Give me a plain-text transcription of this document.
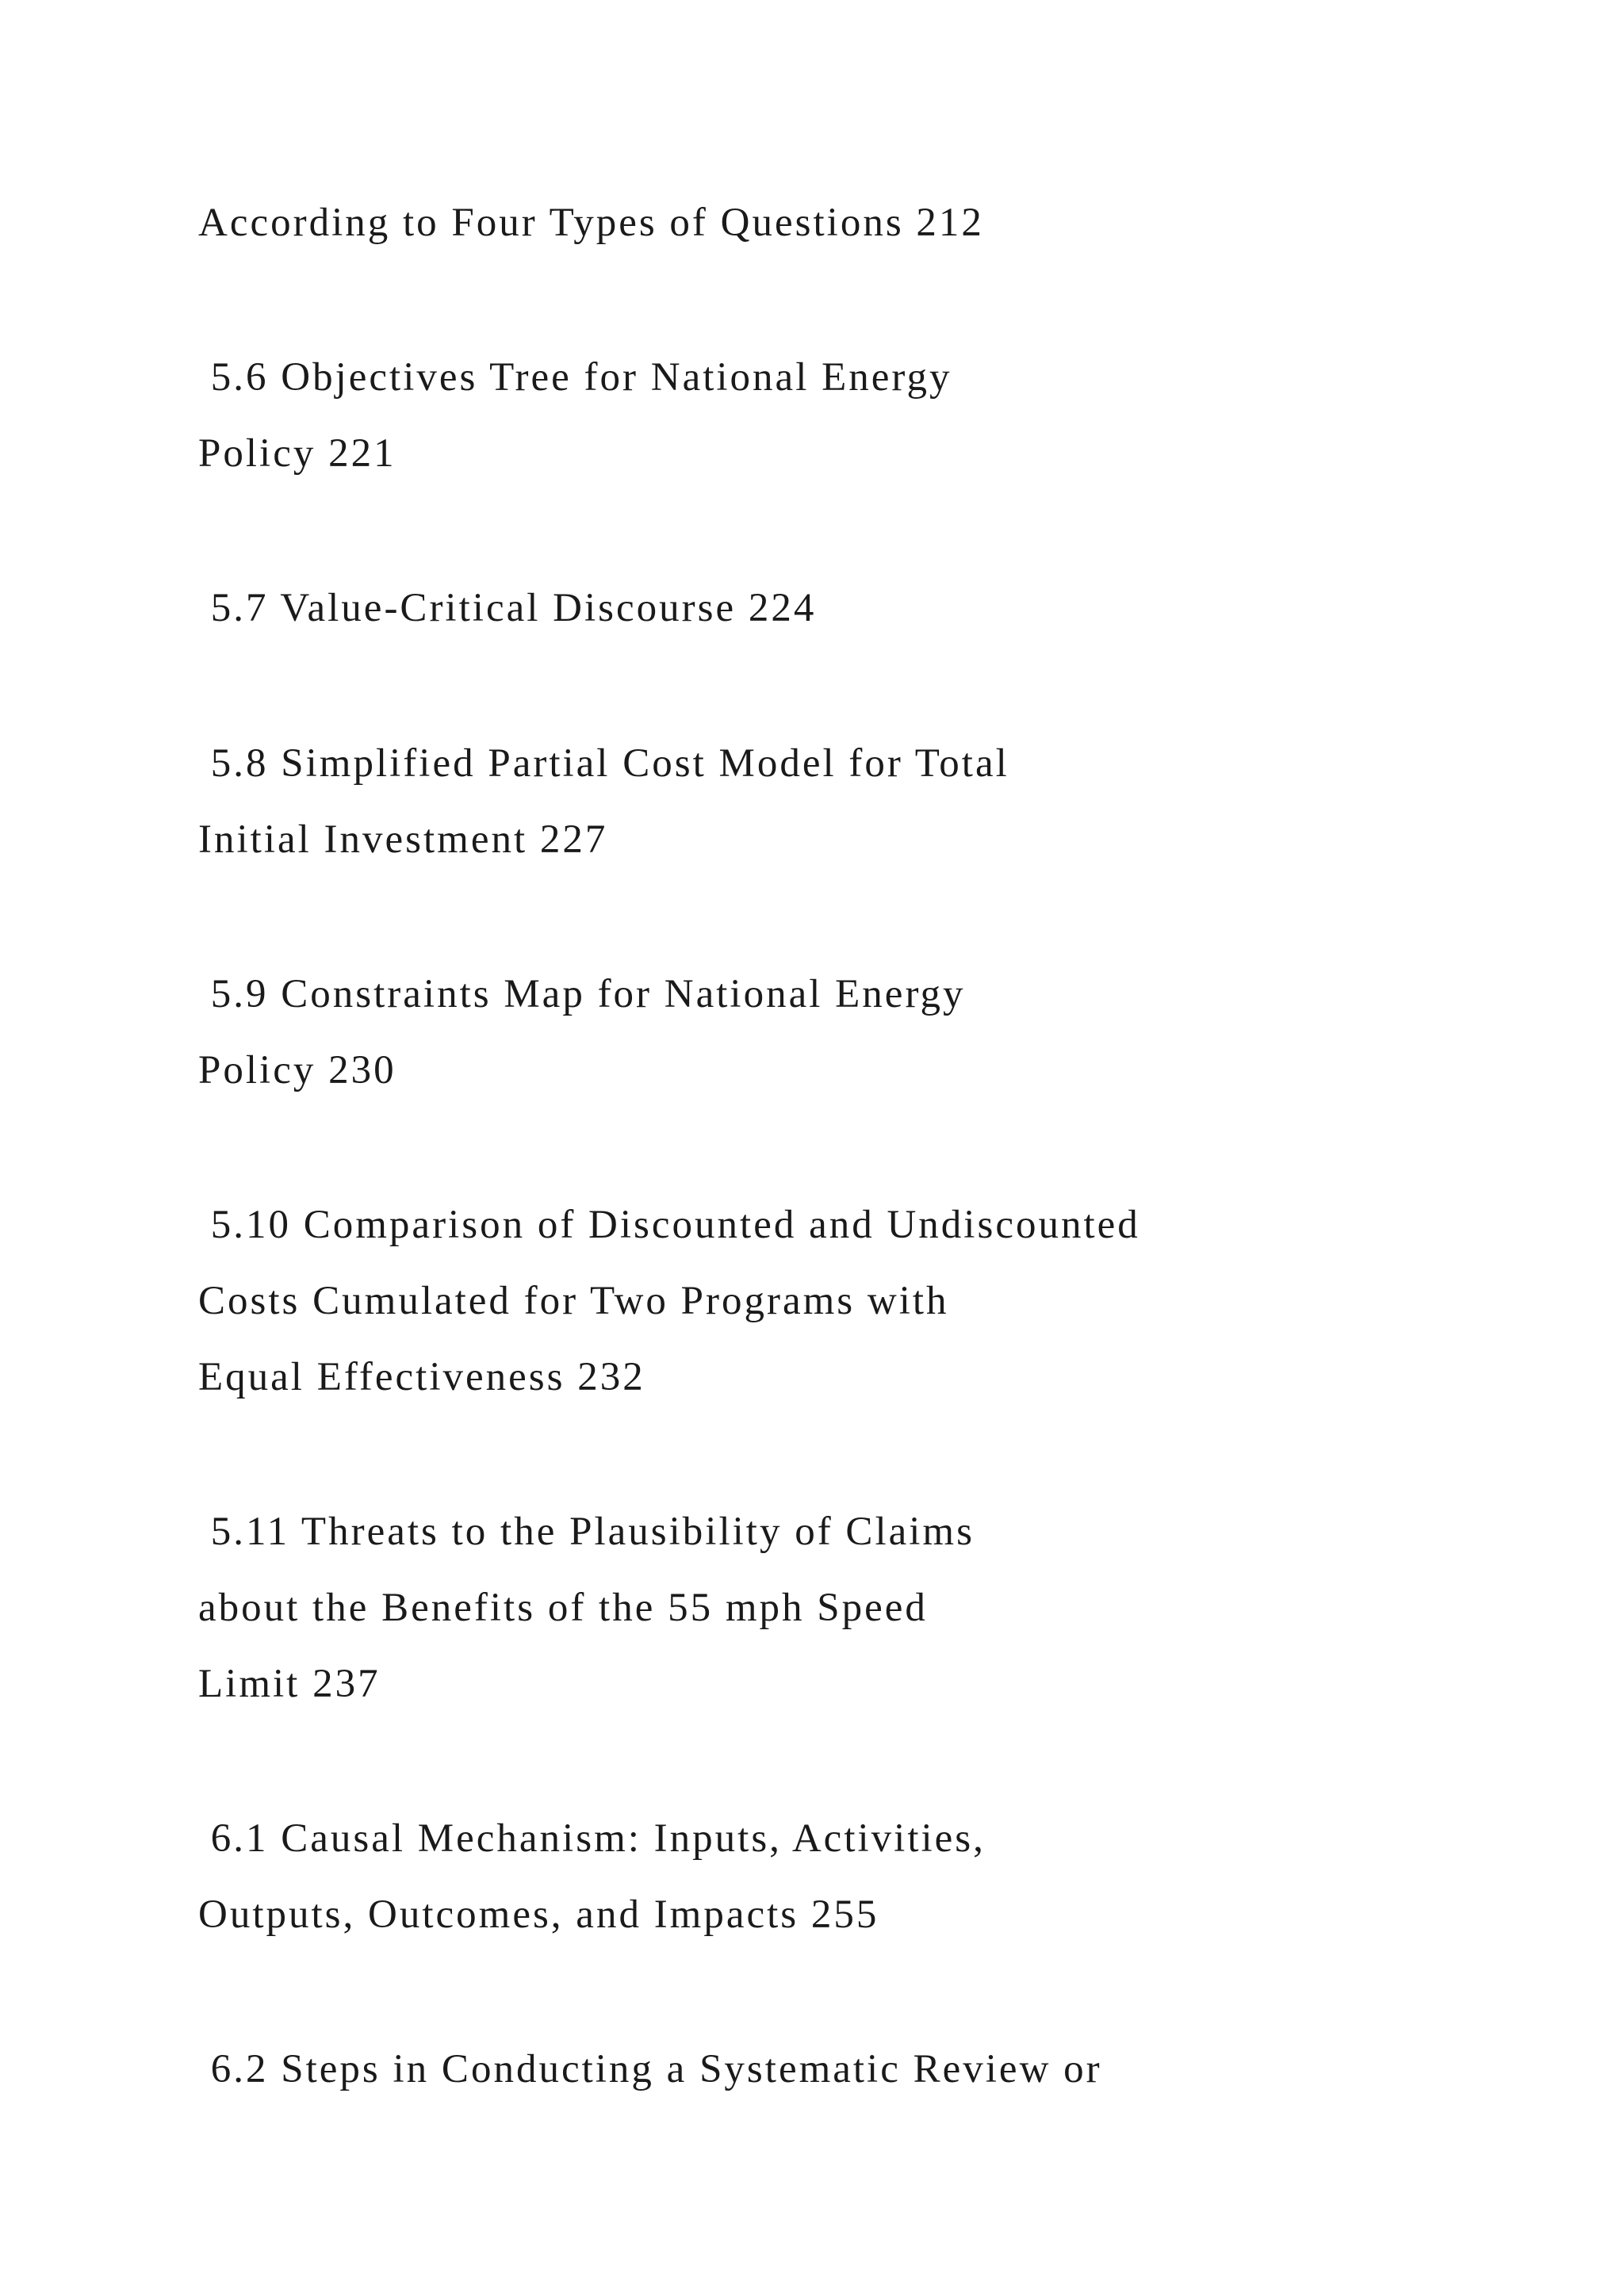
According to Four Types of Questions 212
5.6 Objectives Tree for National Energy
Policy 221
5.7 Value-Critical Discourse 224
5.8 Simplified Partial Cost Model for Total
Initial Investment 227
5.9 Constraints Map for National Energy
Policy 230
5.10 Comparison of Discounted and Undiscounted
Costs Cumulated for Two Programs with
Equal Effectiveness 232
5.11 Threats to the Plausibility of Claims
about the Benefits of the 55 mph Speed
Limit 237
6.1 Causal Mechanism: Inputs, Activities,
Outputs, Outcomes, and Impacts 255
6.2 Steps in Conducting a Systematic Review or
